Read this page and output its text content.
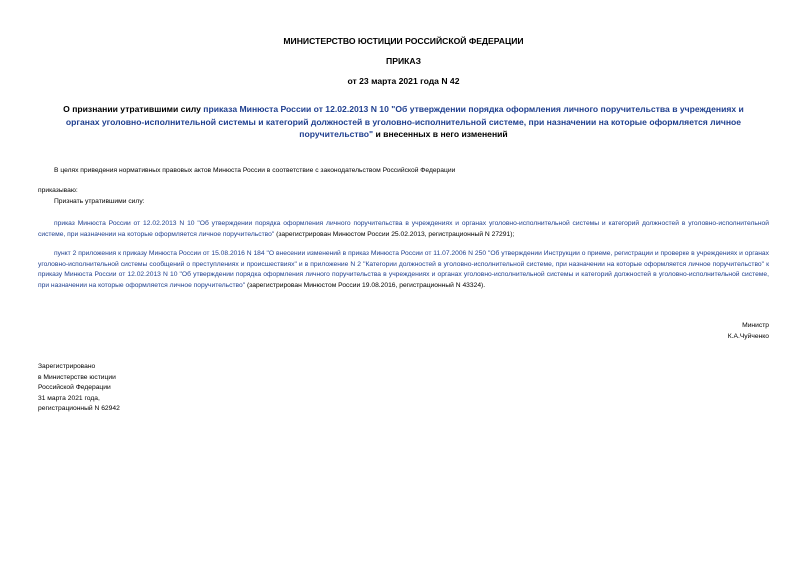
МИНИСТЕРСТВО ЮСТИЦИИ РОССИЙСКОЙ ФЕДЕРАЦИИ
ПРИКАЗ
от 23 марта 2021 года N 42
О признании утратившими силу приказа Минюста России от 12.02.2013 N 10 "Об утверждении порядка оформления личного поручительства в учреждениях и органах уголовно-исполнительной системы и категорий должностей в уголовно-исполнительной системе, при назначении на которые оформляется личное поручительство" и внесенных в него изменений
В целях приведения нормативных правовых актов Минюста России в соответствие с законодательством Российской Федерации
приказываю:
Признать утратившими силу:
приказ Минюста России от 12.02.2013 N 10 "Об утверждении порядка оформления личного поручительства в учреждениях и органах уголовно-исполнительной системы и категорий должностей в уголовно-исполнительной системе, при назначении на которые оформляется личное поручительство" (зарегистрирован Минюстом России 25.02.2013, регистрационный N 27291);
пункт 2 приложения к приказу Минюста России от 15.08.2016 N 184 "О внесении изменений в приказ Минюста России от 11.07.2006 N 250 "Об утверждении Инструкции о приеме, регистрации и проверке в учреждениях и органах уголовно-исполнительной системы сообщений о преступлениях и происшествиях" и в приложение N 2 "Категории должностей в уголовно-исполнительной системе, при назначении на которые оформляется личное поручительство" к приказу Минюста России от 12.02.2013 N 10 "Об утверждении порядка оформления личного поручительства в учреждениях и органах уголовно-исполнительной системы и категорий должностей в уголовно-исполнительной системе, при назначении на которые оформляется личное поручительство" (зарегистрирован Минюстом России 19.08.2016, регистрационный N 43324).
Министр
К.А.Чуйченко
Зарегистрировано
в Министерстве юстиции
Российской Федерации
31 марта 2021 года,
регистрационный N 62942
